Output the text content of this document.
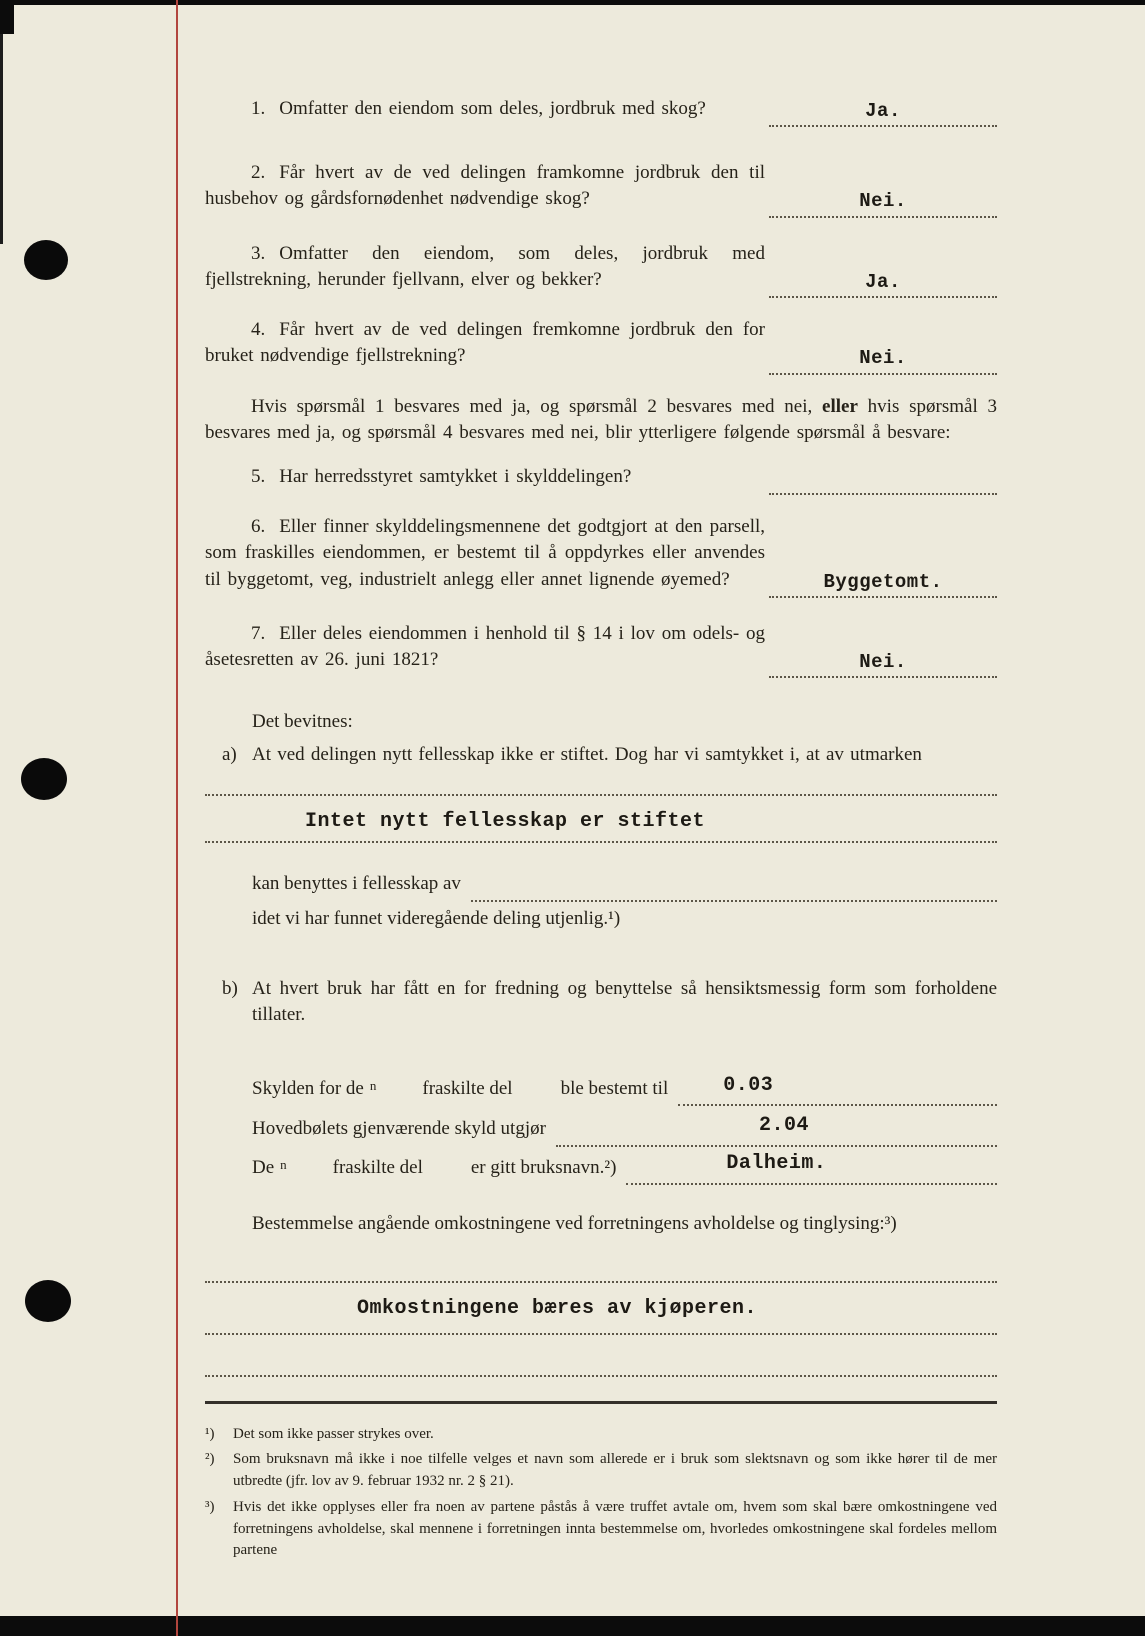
1. Omfatter den eiendom som deles, jordbruk med skog?	Ja.

2. Får hvert av de ved delingen framkomne jordbruk den til husbehov og gårdsfornødenhet nødvendige skog?	Nei.

3. Omfatter den eiendom, som deles, jordbruk med fjellstrekning, herunder fjellvann, elver og bekker?	Ja.

4. Får hvert av de ved delingen fremkomne jordbruk den for bruket nødvendige fjellstrekning?	Nei.

Hvis spørsmål 1 besvares med ja, og spørsmål 2 besvares med nei, eller hvis spørsmål 3 besvares med ja, og spørsmål 4 besvares med nei, blir ytterligere følgende spørsmål å besvare:

5. Har herredsstyret samtykket i skylddelingen?

6. Eller finner skylddelingsmennene det godtgjort at den parsell, som fraskilles eiendommen, er bestemt til å oppdyrkes eller anvendes til byggetomt, veg, industrielt anlegg eller annet lignende øyemed?	Byggetomt.

7. Eller deles eiendommen i henhold til § 14 i lov om odels- og åsetesretten av 26. juni 1821?	Nei.

Det bevitnes:

a) At ved delingen nytt fellesskap ikke er stiftet. Dog har vi samtykket i, at av utmarken

Intet nytt fellesskap er stiftet

kan benyttes i fellesskap av

idet vi har funnet videregående deling utjenlig.¹)

b) At hvert bruk har fått en for fredning og benyttelse så hensiktsmessig form som forholdene tillater.

Skylden for de n fraskilte del	ble bestemt til	0.03
Hovedbølets gjenværende skyld utgjør	2.04
De n fraskilte del	er gitt bruksnavn.²)	Dalheim.

Bestemmelse angående omkostningene ved forretningens avholdelse og tinglysing:³)

Omkostningene bæres av kjøperen.

¹) Det som ikke passer strykes over.

²) Som bruksnavn må ikke i noe tilfelle velges et navn som allerede er i bruk som slektsnavn og som ikke hører til de mer utbredte (jfr. lov av 9. februar 1932 nr. 2 § 21).

³) Hvis det ikke opplyses eller fra noen av partene påstås å være truffet avtale om, hvem som skal bære omkostningene ved forretningens avholdelse, skal mennene i forretningen innta bestemmelse om, hvorledes omkostningene skal fordeles mellom partene
